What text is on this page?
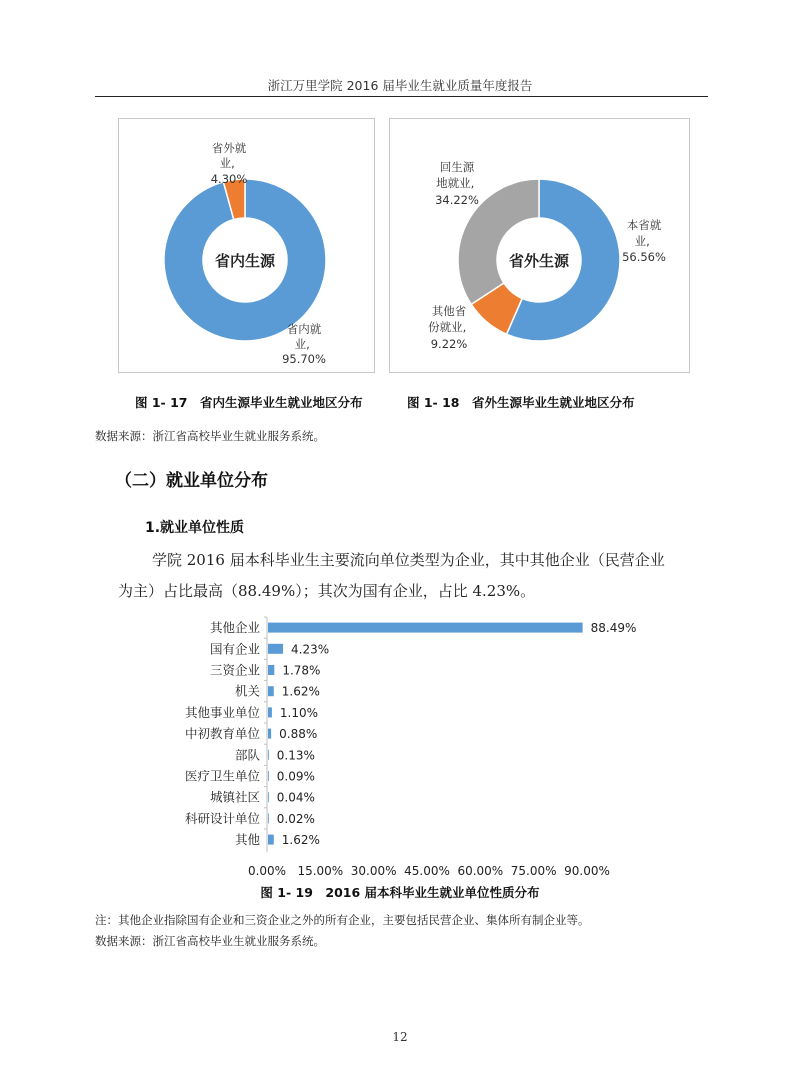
浙江万里学院 2016 届毕业生就业质量年度报告
省内生源
省内就业, 95.70%
省外就业, 4.30%
省外生源
本省就业, 56.56%
其他省份就业, 9.22%
回生源地就业, 34.22%
图 1- 17　省内生源毕业生就业地区分布	图 1- 18　省外生源毕业生就业地区分布
数据来源：浙江省高校毕业生就业服务系统。
（二）就业单位分布
1.就业单位性质
学院 2016 届本科毕业生主要流向单位类型为企业，其中其他企业（民营企业
为主）占比最高（88.49%）；其次为国有企业，占比 4.23%。
其他企业	88.49%
国有企业	4.23%
三资企业 1.78%
机关 1.62%
其他事业单位 1.10%
中初教育单位 0.88%
部队 0.13%
医疗卫生单位 0.09%
城镇社区 0.04%
科研设计单位 0.02%
其他 1.62%
0.00% 15.00% 30.00% 45.00% 60.00% 75.00% 90.00%
图 1- 19　2016 届本科毕业生就业单位性质分布
注：其他企业指除国有企业和三资企业之外的所有企业，主要包括民营企业、集体所有制企业等。
数据来源：浙江省高校毕业生就业服务系统。
12
